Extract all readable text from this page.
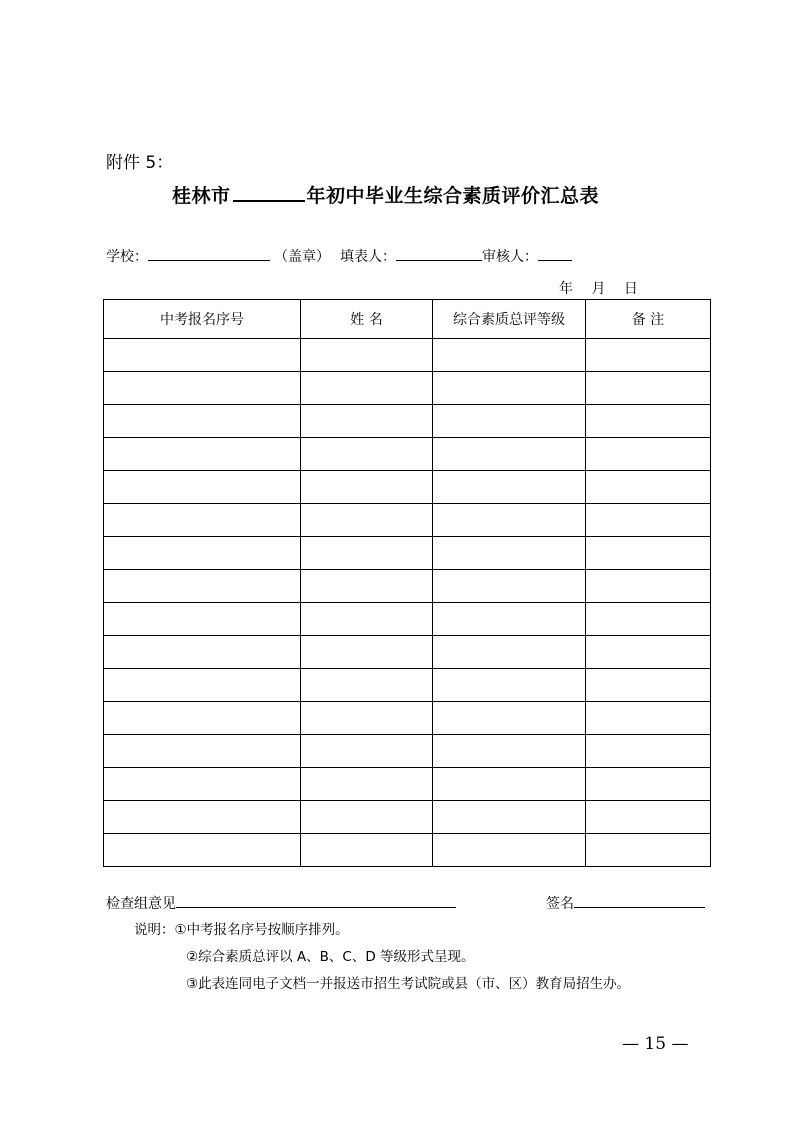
附件 5：
桂林市	年初中毕业生综合素质评价汇总表
学校：	（盖章） 填表人：	审核人：
年 月 日
中考报名序号	姓 名	综合素质总评等级	备 注

检查组意见	签名
说明：①中考报名序号按顺序排列。
②综合素质总评以 A、B、C、D 等级形式呈现。
③此表连同电子文档一并报送市招生考试院或县（市、区）教育局招生办。
— 15 —
